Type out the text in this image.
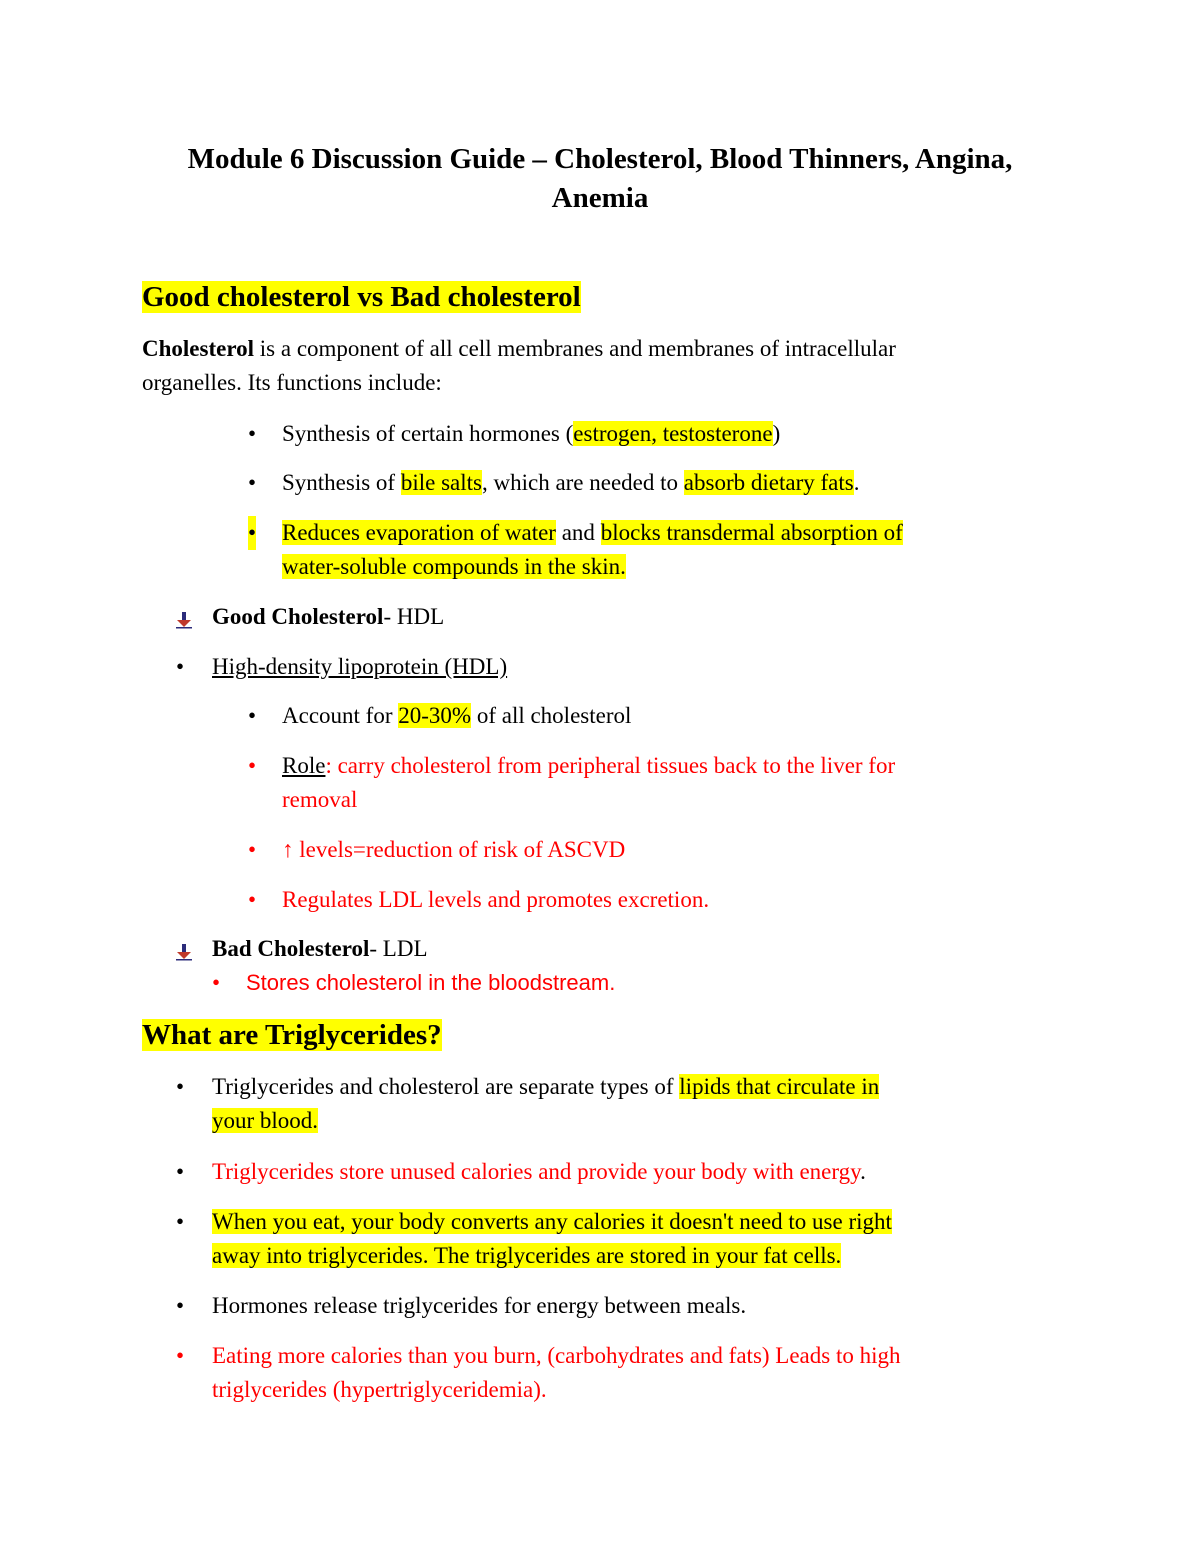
Module 6 Discussion Guide – Cholesterol, Blood Thinners, Angina,
Anemia
Good cholesterol vs Bad cholesterol
Cholesterol is a component of all cell membranes and membranes of intracellular
organelles. Its functions include:
• Synthesis of certain hormones (estrogen, testosterone)
• Synthesis of bile salts, which are needed to absorb dietary fats.
• Reduces evaporation of water and blocks transdermal absorption of
water-soluble compounds in the skin.
Good Cholesterol- HDL
• High-density lipoprotein (HDL)
• Account for 20-30% of all cholesterol
• Role: carry cholesterol from peripheral tissues back to the liver for
removal
• ↑ levels=reduction of risk of ASCVD
• Regulates LDL levels and promotes excretion.
Bad Cholesterol- LDL
• Stores cholesterol in the bloodstream.
What are Triglycerides?
• Triglycerides and cholesterol are separate types of lipids that circulate in
your blood.
• Triglycerides store unused calories and provide your body with energy.
• When you eat, your body converts any calories it doesn't need to use right
away into triglycerides. The triglycerides are stored in your fat cells.
• Hormones release triglycerides for energy between meals.
• Eating more calories than you burn, (carbohydrates and fats) Leads to high
triglycerides (hypertriglyceridemia).
